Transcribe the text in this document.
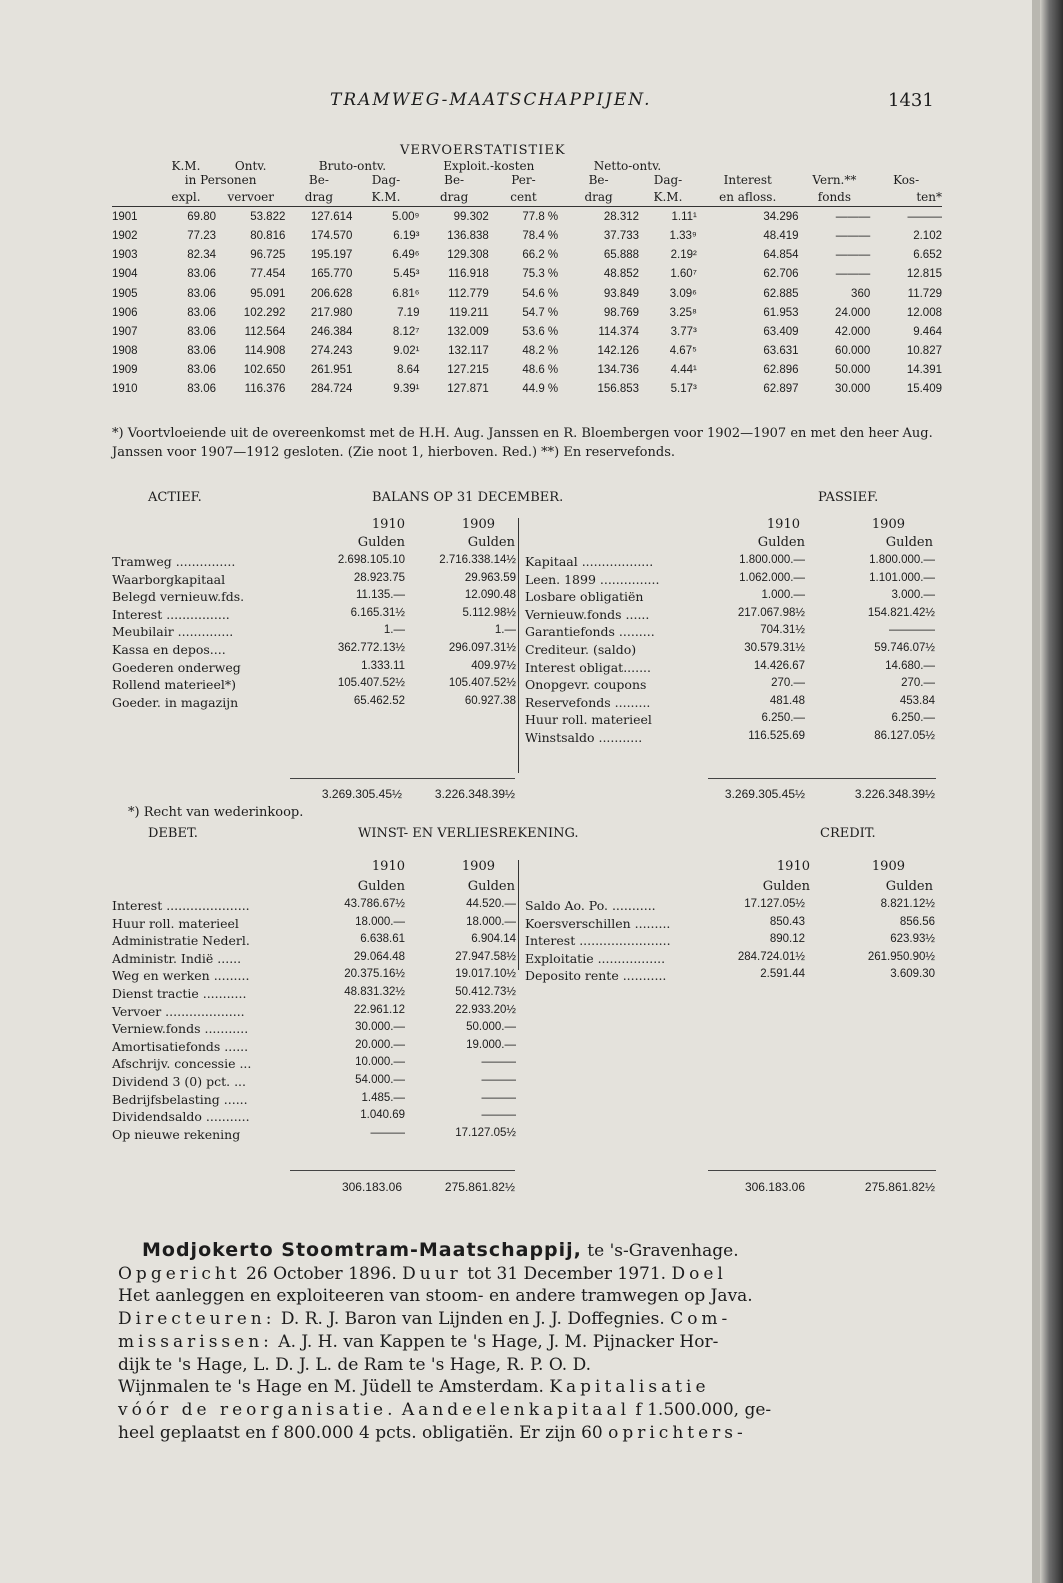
TRAMWEG-MAATSCHAPPIJEN.	1431
VERVOERSTATISTIEK
	K.M.	Ontv.	Bruto-ontv.		Exploit.-kosten		Netto-ontv.				
	in Personen		Be-	Dag-	Be-	Per-	Be-	Dag-	Interest	Vern.**	Kos-
	expl.	vervoer	drag	K.M.	drag	cent	drag	K.M.	en afloss.	fonds	ten*
1901	69.80	53.822	127.614	5.00⁹	99.302	77.8 %	28.312	1.11¹	34.296	———	———
1902	77.23	80.816	174.570	6.19³	136.838	78.4 %	37.733	1.33⁹	48.419	———	2.102
1903	82.34	96.725	195.197	6.49⁶	129.308	66.2 %	65.888	2.19²	64.854	———	6.652
1904	83.06	77.454	165.770	5.45³	116.918	75.3 %	48.852	1.60⁷	62.706	———	12.815
1905	83.06	95.091	206.628	6.81⁶	112.779	54.6 %	93.849	3.09⁶	62.885	360	11.729
1906	83.06	102.292	217.980	7.19	119.211	54.7 %	98.769	3.25⁸	61.953	24.000	12.008
1907	83.06	112.564	246.384	8.12⁷	132.009	53.6 %	114.374	3.77³	63.409	42.000	9.464
1908	83.06	114.908	274.243	9.02¹	132.117	48.2 %	142.126	4.67⁵	63.631	60.000	10.827
1909	83.06	102.650	261.951	8.64	127.215	48.6 %	134.736	4.44¹	62.896	50.000	14.391
1910	83.06	116.376	284.724	9.39¹	127.871	44.9 %	156.853	5.17³	62.897	30.000	15.409
*) Voortvloeiende uit de overeenkomst met de H.H. Aug. Janssen en R. Bloembergen voor 1902—1907 en met den heer Aug. Janssen voor 1907—1912 gesloten. (Zie noot 1, hierboven. Red.) **) En reservefonds.
ACTIEF.	BALANS OP 31 DECEMBER.	PASSIEF.
1910	1909
Gulden	Gulden
1910	1909
Gulden	Gulden
Tramweg ...............	2.698.105.10	2.716.338.14½
Waarborgkapitaal	28.923.75	29.963.59
Belegd vernieuw.fds.	11.135.—	12.090.48
Interest ................	6.165.31½	5.112.98½
Meubilair ..............	1.—	1.—
Kassa en depos....	362.772.13½	296.097.31½
Goederen onderweg	1.333.11	409.97½
Rollend materieel*)	105.407.52½	105.407.52½
Goeder. in magazijn	65.462.52	60.927.38
Kapitaal ..................	1.800.000.—	1.800.000.—
Leen. 1899 ...............	1.062.000.—	1.101.000.—
Losbare obligatiën	1.000.—	3.000.—
Vernieuw.fonds ......	217.067.98½	154.821.42½
Garantiefonds .........	704.31½	————
Crediteur. (saldo)	30.579.31½	59.746.07½
Interest obligat.......	14.426.67	14.680.—
Onopgevr. coupons	270.—	270.—
Reservefonds .........	481.48	453.84
Huur roll. materieel	6.250.—	6.250.—
Winstsaldo ...........	116.525.69	86.127.05½
3.269.305.45½	3.226.348.39½	3.269.305.45½	3.226.348.39½
*) Recht van wederinkoop.
DEBET.	WINST- EN VERLIESREKENING.	CREDIT.
1910	1909
Gulden	Gulden
1910	1909
Gulden	Gulden
Interest .....................	43.786.67½	44.520.—
Huur roll. materieel	18.000.—	18.000.—
Administratie Nederl.	6.638.61	6.904.14
Administr. Indië ......	29.064.48	27.947.58½
Weg en werken .........	20.375.16½	19.017.10½
Dienst tractie ...........	48.831.32½	50.412.73½
Vervoer ....................	22.961.12	22.933.20½
Verniew.fonds ...........	30.000.—	50.000.—
Amortisatiefonds ......	20.000.—	19.000.—
Afschrijv. concessie ...	10.000.—	———
Dividend 3 (0) pct. ...	54.000.—	———
Bedrijfsbelasting ......	1.485.—	———
Dividendsaldo ...........	1.040.69	———
Op nieuwe rekening	———	17.127.05½
Saldo Ao. Po. ...........	17.127.05½	8.821.12½
Koersverschillen .........	850.43	856.56
Interest .......................	890.12	623.93½
Exploitatie .................	284.724.01½	261.950.90½
Deposito rente ...........	2.591.44	3.609.30
306.183.06	275.861.82½	306.183.06	275.861.82½
Modjokerto Stoomtram-Maatschappij, te 's-Gravenhage.
Opgericht 26 October 1896. Duur tot 31 December 1971. Doel
Het aanleggen en exploiteeren van stoom- en andere tramwegen op Java.
Directeuren: D. R. J. Baron van Lijnden en J. J. Doffegnies. Com-
missarissen: A. J. H. van Kappen te 's Hage, J. M. Pijnacker Hor-
dijk te 's Hage, L. D. J. L. de Ram te 's Hage, R. P. O. D.
Wijnmalen te 's Hage en M. Jüdell te Amsterdam. Kapitalisatie
vóór de reorganisatie. Aandeelenkapitaal f 1.500.000, ge-
heel geplaatst en f 800.000 4 pcts. obligatiën. Er zijn 60 oprichters-
